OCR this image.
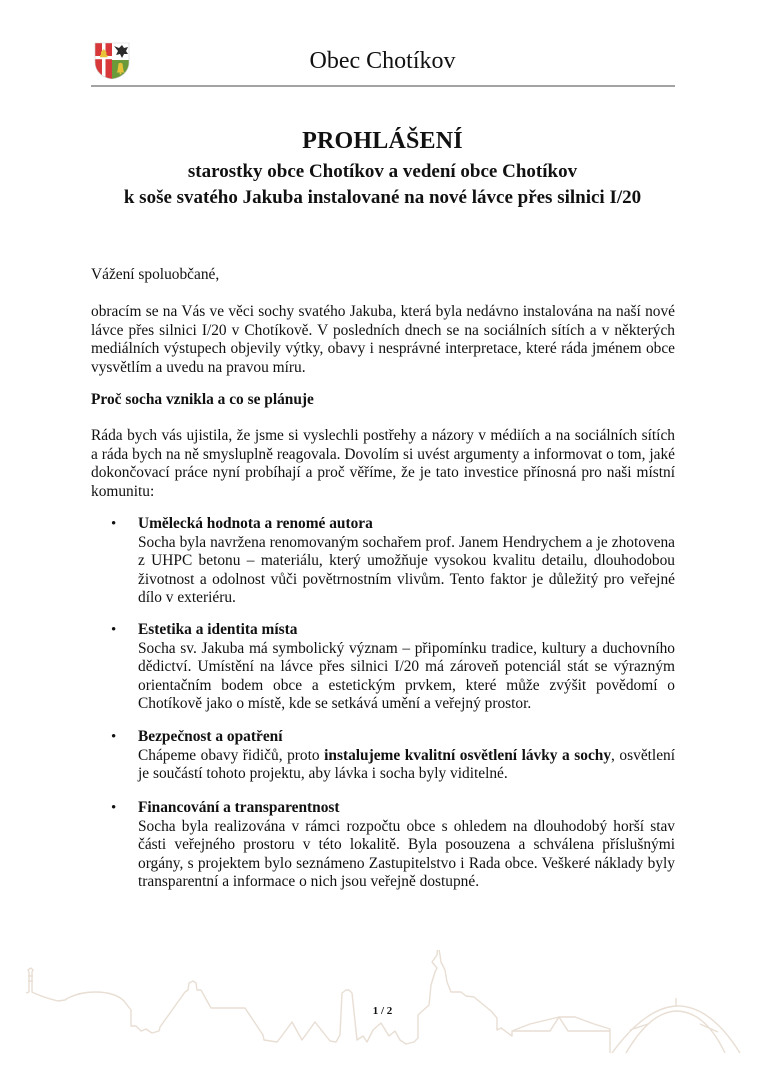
Obec Chotíkov
PROHLÁŠENÍ
starostky obce Chotíkov a vedení obce Chotíkov
k soše svatého Jakuba instalované na nové lávce přes silnici I/20
Vážení spoluobčané,
obracím se na Vás ve věci sochy svatého Jakuba, která byla nedávno instalována na naší nové lávce přes silnici I/20 v Chotíkově. V posledních dnech se na sociálních sítích a v některých mediálních výstupech objevily výtky, obavy i nesprávné interpretace, které ráda jménem obce vysvětlím a uvedu na pravou míru.
Proč socha vznikla a co se plánuje
Ráda bych vás ujistila, že jsme si vyslechli postřehy a názory v médiích a na sociálních sítích a ráda bych na ně smysluplně reagovala. Dovolím si uvést argumenty a informovat o tom, jaké dokončovací práce nyní probíhají a proč věříme, že je tato investice přínosná pro naši místní komunitu:
• Umělecká hodnota a renomé autora
Socha byla navržena renomovaným sochařem prof. Janem Hendrychem a je zhotovena z UHPC betonu – materiálu, který umožňuje vysokou kvalitu detailu, dlouhodobou životnost a odolnost vůči povětrnostním vlivům. Tento faktor je důležitý pro veřejné dílo v exteriéru.
• Estetika a identita místa
Socha sv. Jakuba má symbolický význam – připomínku tradice, kultury a duchovního dědictví. Umístění na lávce přes silnici I/20 má zároveň potenciál stát se výrazným orientačním bodem obce a estetickým prvkem, které může zvýšit povědomí o Chotíkově jako o místě, kde se setkává umění a veřejný prostor.
• Bezpečnost a opatření
Chápeme obavy řidičů, proto instalujeme kvalitní osvětlení lávky a sochy, osvětlení je součástí tohoto projektu, aby lávka i socha byly viditelné.
• Financování a transparentnost
Socha byla realizována v rámci rozpočtu obce s ohledem na dlouhodobý horší stav části veřejného prostoru v této lokalitě. Byla posouzena a schválena příslušnými orgány, s projektem bylo seznámeno Zastupitelstvo i Rada obce. Veškeré náklady byly transparentní a informace o nich jsou veřejně dostupné.
1 / 2
